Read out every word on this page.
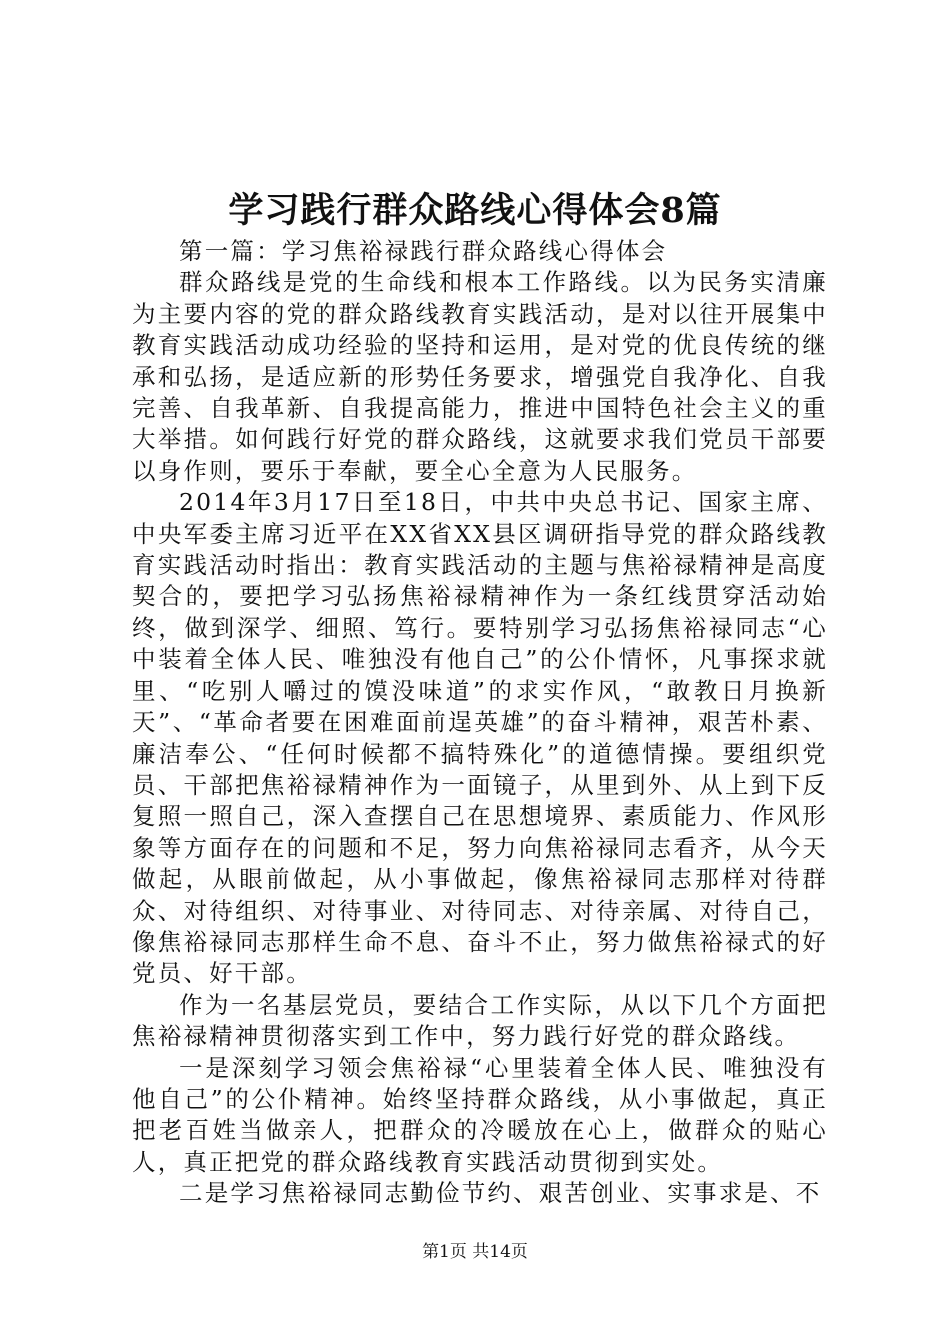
学习践行群众路线心得体会8篇

第一篇：学习焦裕禄践行群众路线心得体会

群众路线是党的生命线和根本工作路线。以为民务实清廉为主要内容的党的群众路线教育实践活动，是对以往开展集中教育实践活动成功经验的坚持和运用，是对党的优良传统的继承和弘扬，是适应新的形势任务要求，增强党自我净化、自我完善、自我革新、自我提高能力，推进中国特色社会主义的重大举措。如何践行好党的群众路线，这就要求我们党员干部要以身作则，要乐于奉献，要全心全意为人民服务。

2014年3月17日至18日，中共中央总书记、国家主席、中央军委主席习近平在XX省XX县区调研指导党的群众路线教育实践活动时指出：教育实践活动的主题与焦裕禄精神是高度契合的，要把学习弘扬焦裕禄精神作为一条红线贯穿活动始终，做到深学、细照、笃行。要特别学习弘扬焦裕禄同志“心中装着全体人民、唯独没有他自己”的公仆情怀，凡事探求就里、“吃别人嚼过的馍没味道”的求实作风，“敢教日月换新天”、“革命者要在困难面前逞英雄”的奋斗精神，艰苦朴素、廉洁奉公、“任何时候都不搞特殊化”的道德情操。要组织党员、干部把焦裕禄精神作为一面镜子，从里到外、从上到下反复照一照自己，深入查摆自己在思想境界、素质能力、作风形象等方面存在的问题和不足，努力向焦裕禄同志看齐，从今天做起，从眼前做起，从小事做起，像焦裕禄同志那样对待群众、对待组织、对待事业、对待同志、对待亲属、对待自己，像焦裕禄同志那样生命不息、奋斗不止，努力做焦裕禄式的好党员、好干部。

作为一名基层党员，要结合工作实际，从以下几个方面把焦裕禄精神贯彻落实到工作中，努力践行好党的群众路线。

一是深刻学习领会焦裕禄“心里装着全体人民、唯独没有他自己”的公仆精神。始终坚持群众路线，从小事做起，真正把老百姓当做亲人，把群众的冷暖放在心上，做群众的贴心人，真正把党的群众路线教育实践活动贯彻到实处。

二是学习焦裕禄同志勤俭节约、艰苦创业、实事求是、不

第1页 共14页
